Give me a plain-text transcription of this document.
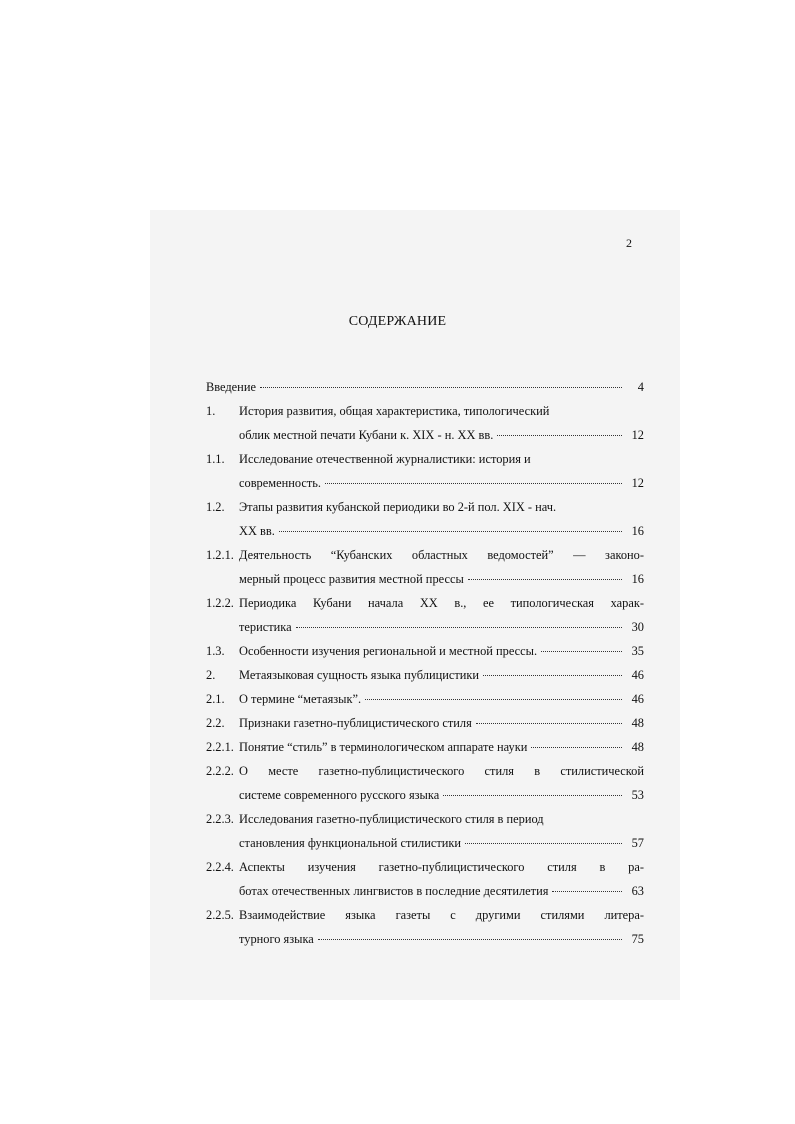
2
СОДЕРЖАНИЕ
Введение	4
1.	История развития, общая характеристика, типологический
облик местной печати Кубани к. XIX - н. XX вв.	12
1.1.	Исследование отечественной журналистики: история и
современность.	12
1.2.	Этапы развития кубанской периодики во 2-й пол. XIX - нач.
XX вв.	16
1.2.1. Деятельность “Кубанских областных ведомостей” — законо-
мерный процесс развития местной прессы	16
1.2.2. Периодика Кубани начала XX в., ее типологическая харак-
теристика	30
1.3.	Особенности изучения региональной и местной прессы.	35
2.	Метаязыковая сущность языка публицистики	46
2.1.	О термине “метаязык”.	46
2.2.	Признаки газетно-публицистического стиля	48
2.2.1. Понятие “стиль” в терминологическом аппарате науки	48
2.2.2. О месте газетно-публицистического стиля в стилистической
системе современного русского языка	53
2.2.3. Исследования газетно-публицистического стиля в период
становления функциональной стилистики	57
2.2.4. Аспекты изучения газетно-публицистического стиля в ра-
ботах отечественных лингвистов в последние десятилетия	63
2.2.5. Взаимодействие языка газеты с другими стилями литера-
турного языка	75
